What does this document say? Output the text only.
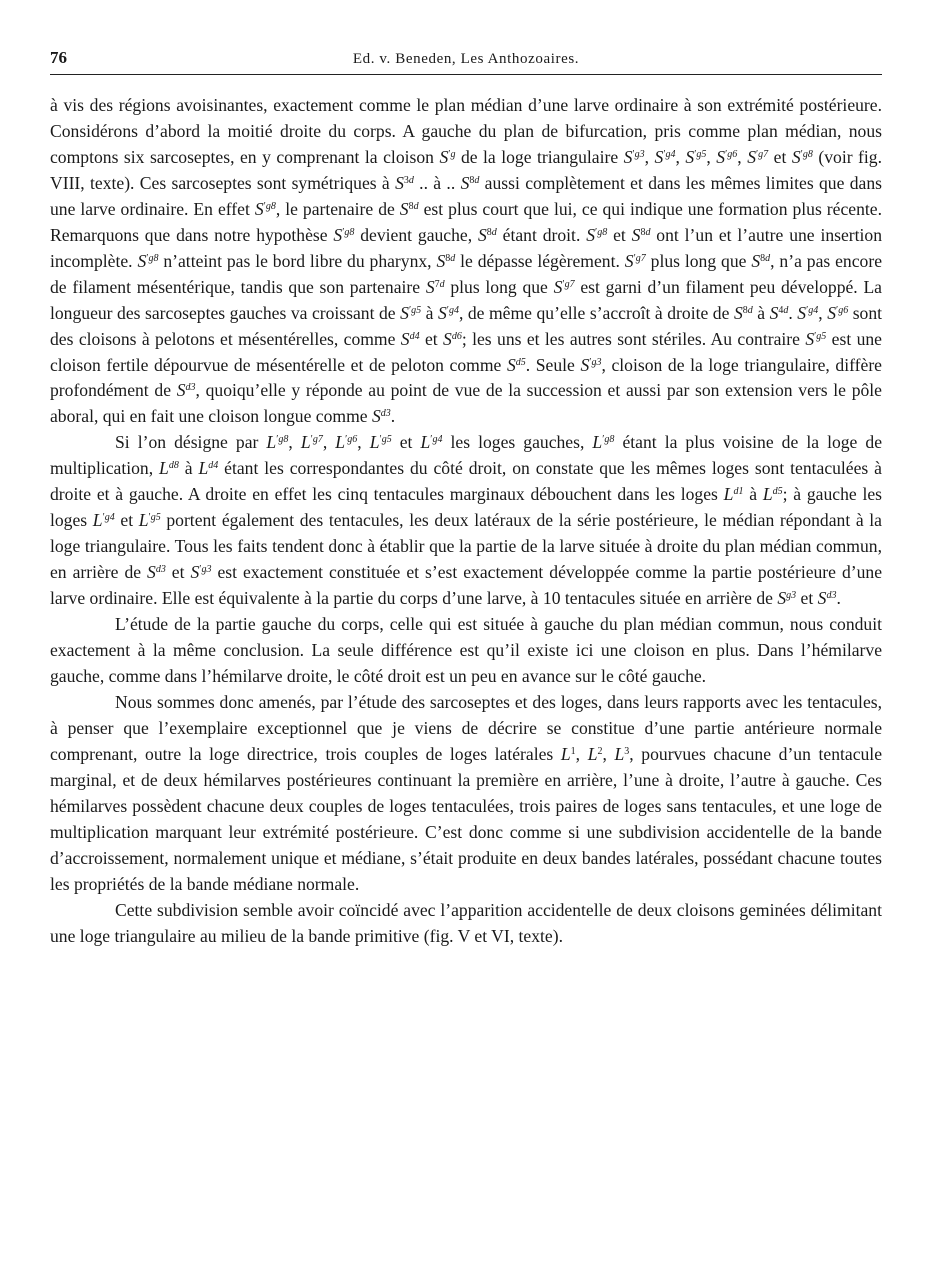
76	Ed. v. Beneden, Les Anthozoaires.

à vis des régions avoisinantes, exactement comme le plan médian d’une larve ordinaire à son extrémité postérieure. Considérons d’abord la moitié droite du corps. A gauche du plan de bifurcation, pris comme plan médian, nous comptons six sarcoseptes, en y comprenant la cloison $S^{'g}$ de la loge triangulaire $S^{'g3}$, $S^{'g4}$, $S^{'g5}$, $S^{'g6}$, $S^{'g7}$ et $S^{'g8}$ (voir fig. VIII, texte). Ces sarcoseptes sont symétriques à $S^{3d}$ .. à .. $S^{8d}$ aussi complètement et dans les mêmes limites que dans une larve ordinaire. En effet $S^{'g8}$, le partenaire de $S^{8d}$ est plus court que lui, ce qui indique une formation plus récente. Remarquons que dans notre hypothèse $S^{'g8}$ devient gauche, $S^{8d}$ étant droit. $S^{'g8}$ et $S^{8d}$ ont l’un et l’autre une insertion incomplète. $S^{'g8}$ n’atteint pas le bord libre du pharynx, $S^{8d}$ le dépasse légèrement. $S^{'g7}$ plus long que $S^{8d}$, n’a pas encore de filament mésentérique, tandis que son partenaire $S^{7d}$ plus long que $S^{'g7}$ est garni d’un filament peu développé. La longueur des sarcoseptes gauches va croissant de $S^{'g5}$ à $S^{'g4}$, de même qu’elle s’accroît à droite de $S^{8d}$ à $S^{4d}$. $S^{'g4}$, $S^{'g6}$ sont des cloisons à pelotons et mésentérelles, comme $S^{d4}$ et $S^{d6}$; les uns et les autres sont stériles. Au contraire $S^{'g5}$ est une cloison fertile dépourvue de mésentérelle et de peloton comme $S^{d5}$. Seule $S^{'g3}$, cloison de la loge triangulaire, diffère profondément de $S^{d3}$, quoiqu’elle y réponde au point de vue de la succession et aussi par son extension vers le pôle aboral, qui en fait une cloison longue comme $S^{d3}$.

Si l’on désigne par $L^{'g8}$, $L^{'g7}$, $L^{'g6}$, $L^{'g5}$ et $L^{'g4}$ les loges gauches, $L^{'g8}$ étant la plus voisine de la loge de multiplication, $L^{d8}$ à $L^{d4}$ étant les correspondantes du côté droit, on constate que les mêmes loges sont tentaculées à droite et à gauche. A droite en effet les cinq tentacules marginaux débouchent dans les loges $L^{d1}$ à $L^{d5}$; à gauche les loges $L^{'g4}$ et $L^{'g5}$ portent également des tentacules, les deux latéraux de la série postérieure, le médian répondant à la loge triangulaire. Tous les faits tendent donc à établir que la partie de la larve située à droite du plan médian commun, en arrière de $S^{d3}$ et $S^{'g3}$ est exactement constituée et s’est exactement développée comme la partie postérieure d’une larve ordinaire. Elle est équivalente à la partie du corps d’une larve, à 10 tentacules située en arrière de $S^{g3}$ et $S^{d3}$.

L’étude de la partie gauche du corps, celle qui est située à gauche du plan médian commun, nous conduit exactement à la même conclusion. La seule différence est qu’il existe ici une cloison en plus. Dans l’hémilarve gauche, comme dans l’hémilarve droite, le côté droit est un peu en avance sur le côté gauche.

Nous sommes donc amenés, par l’étude des sarcoseptes et des loges, dans leurs rapports avec les tentacules, à penser que l’exemplaire exceptionnel que je viens de décrire se constitue d’une partie antérieure normale comprenant, outre la loge directrice, trois couples de loges latérales $L^1$, $L^2$, $L^3$, pourvues chacune d’un tentacule marginal, et de deux hémilarves postérieures continuant la première en arrière, l’une à droite, l’autre à gauche. Ces hémilarves possèdent chacune deux couples de loges tentaculées, trois paires de loges sans tentacules, et une loge de multiplication marquant leur extrémité postérieure. C’est donc comme si une subdivision accidentelle de la bande d’accroissement, normalement unique et médiane, s’était produite en deux bandes latérales, possédant chacune toutes les propriétés de la bande médiane normale.

Cette subdivision semble avoir coïncidé avec l’apparition accidentelle de deux cloisons geminées délimitant une loge triangulaire au milieu de la bande primitive (fig. V et VI, texte).
